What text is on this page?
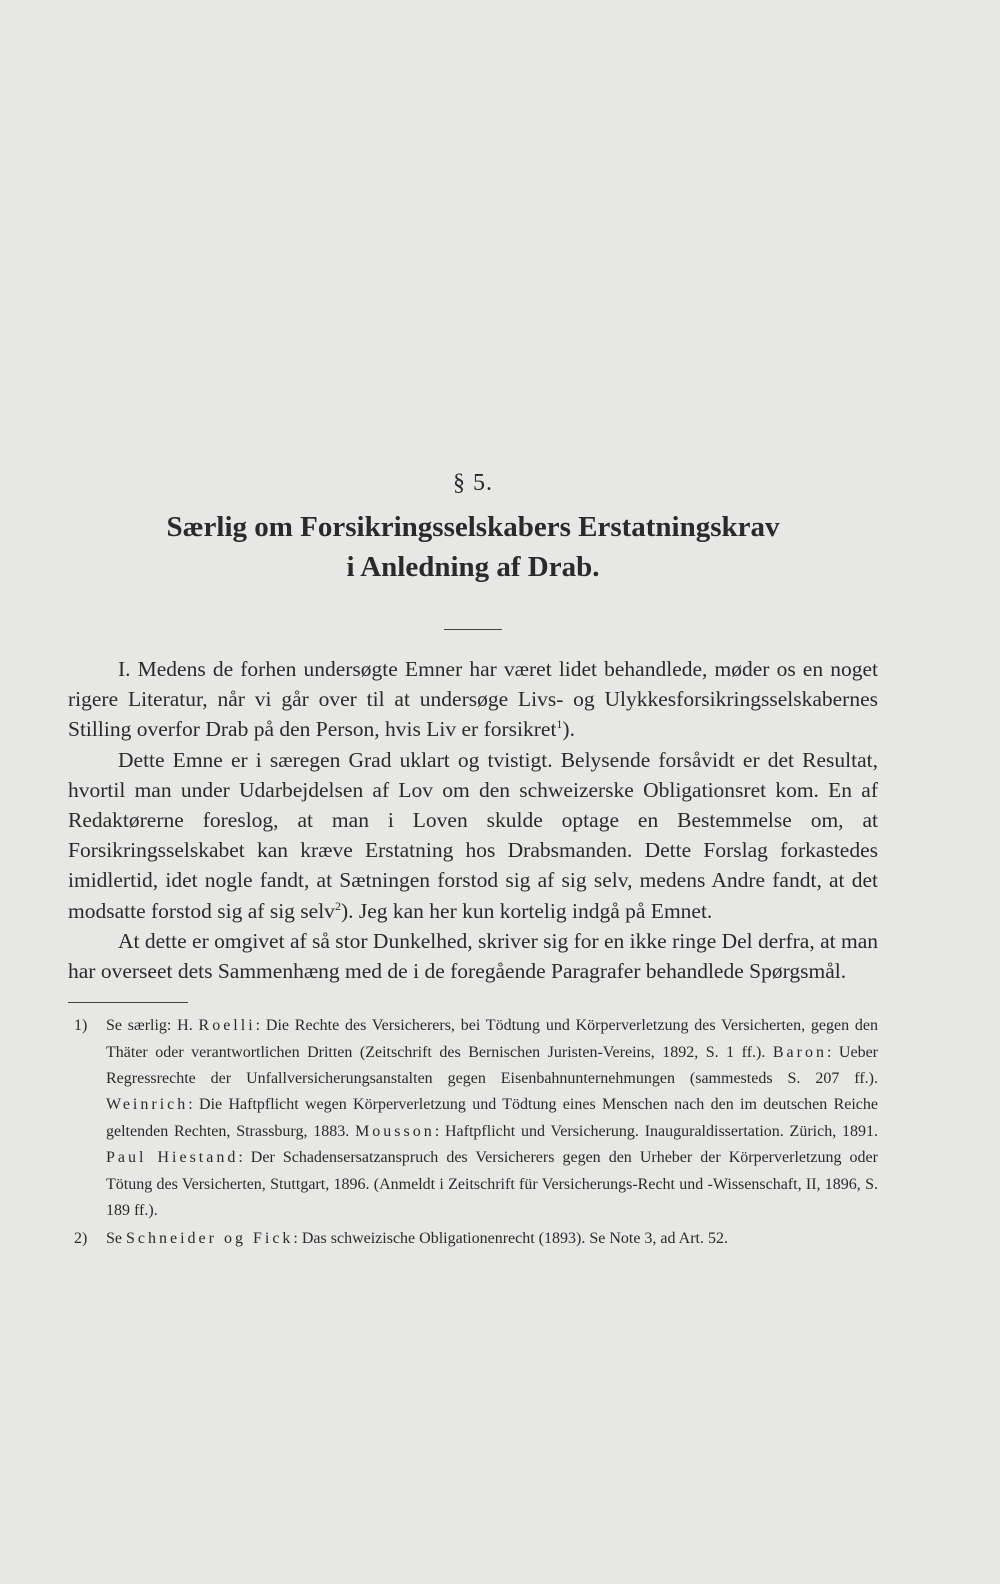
§ 5.
Særlig om Forsikringsselskabers Erstatningskrav
i Anledning af Drab.

I. Medens de forhen undersøgte Emner har været lidet behandlede, møder os en noget rigere Literatur, når vi går over til at undersøge Livs- og Ulykkesforsikringsselskabernes Stilling overfor Drab på den Person, hvis Liv er forsikret$^1$).

Dette Emne er i særegen Grad uklart og tvistigt. Belysende forsåvidt er det Resultat, hvortil man under Udarbejdelsen af Lov om den schweizerske Obligationsret kom. En af Redaktørerne foreslog, at man i Loven skulde optage en Bestemmelse om, at Forsikringsselskabet kan kræve Erstatning hos Drabsmanden. Dette Forslag forkastedes imidlertid, idet nogle fandt, at Sætningen forstod sig af sig selv, medens Andre fandt, at det modsatte forstod sig af sig selv$^2$). Jeg kan her kun kortelig indgå på Emnet.

At dette er omgivet af så stor Dunkelhed, skriver sig for en ikke ringe Del derfra, at man har overseet dets Sammenhæng med de i de foregående Paragrafer behandlede Spørgsmål.

1) Se særlig: H. Roelli: Die Rechte des Versicherers, bei Tödtung und Körperverletzung des Versicherten, gegen den Thäter oder verantwortlichen Dritten (Zeitschrift des Bernischen Juristen-Vereins, 1892, S. 1 ff.). Baron: Ueber Regressrechte der Unfallversicherungsanstalten gegen Eisenbahnunternehmungen (sammesteds S. 207 ff.). Weinrich: Die Haftpflicht wegen Körperverletzung und Tödtung eines Menschen nach den im deutschen Reiche geltenden Rechten, Strassburg, 1883. Mousson: Haftpflicht und Versicherung. Inauguraldissertation. Zürich, 1891. Paul Hiestand: Der Schadensersatzanspruch des Versicherers gegen den Urheber der Körperverletzung oder Tötung des Versicherten, Stuttgart, 1896. (Anmeldt i Zeitschrift für Versicherungs-Recht und -Wissenschaft, II, 1896, S. 189 ff.).
2) Se Schneider og Fick: Das schweizische Obligationenrecht (1893). Se Note 3, ad Art. 52.
